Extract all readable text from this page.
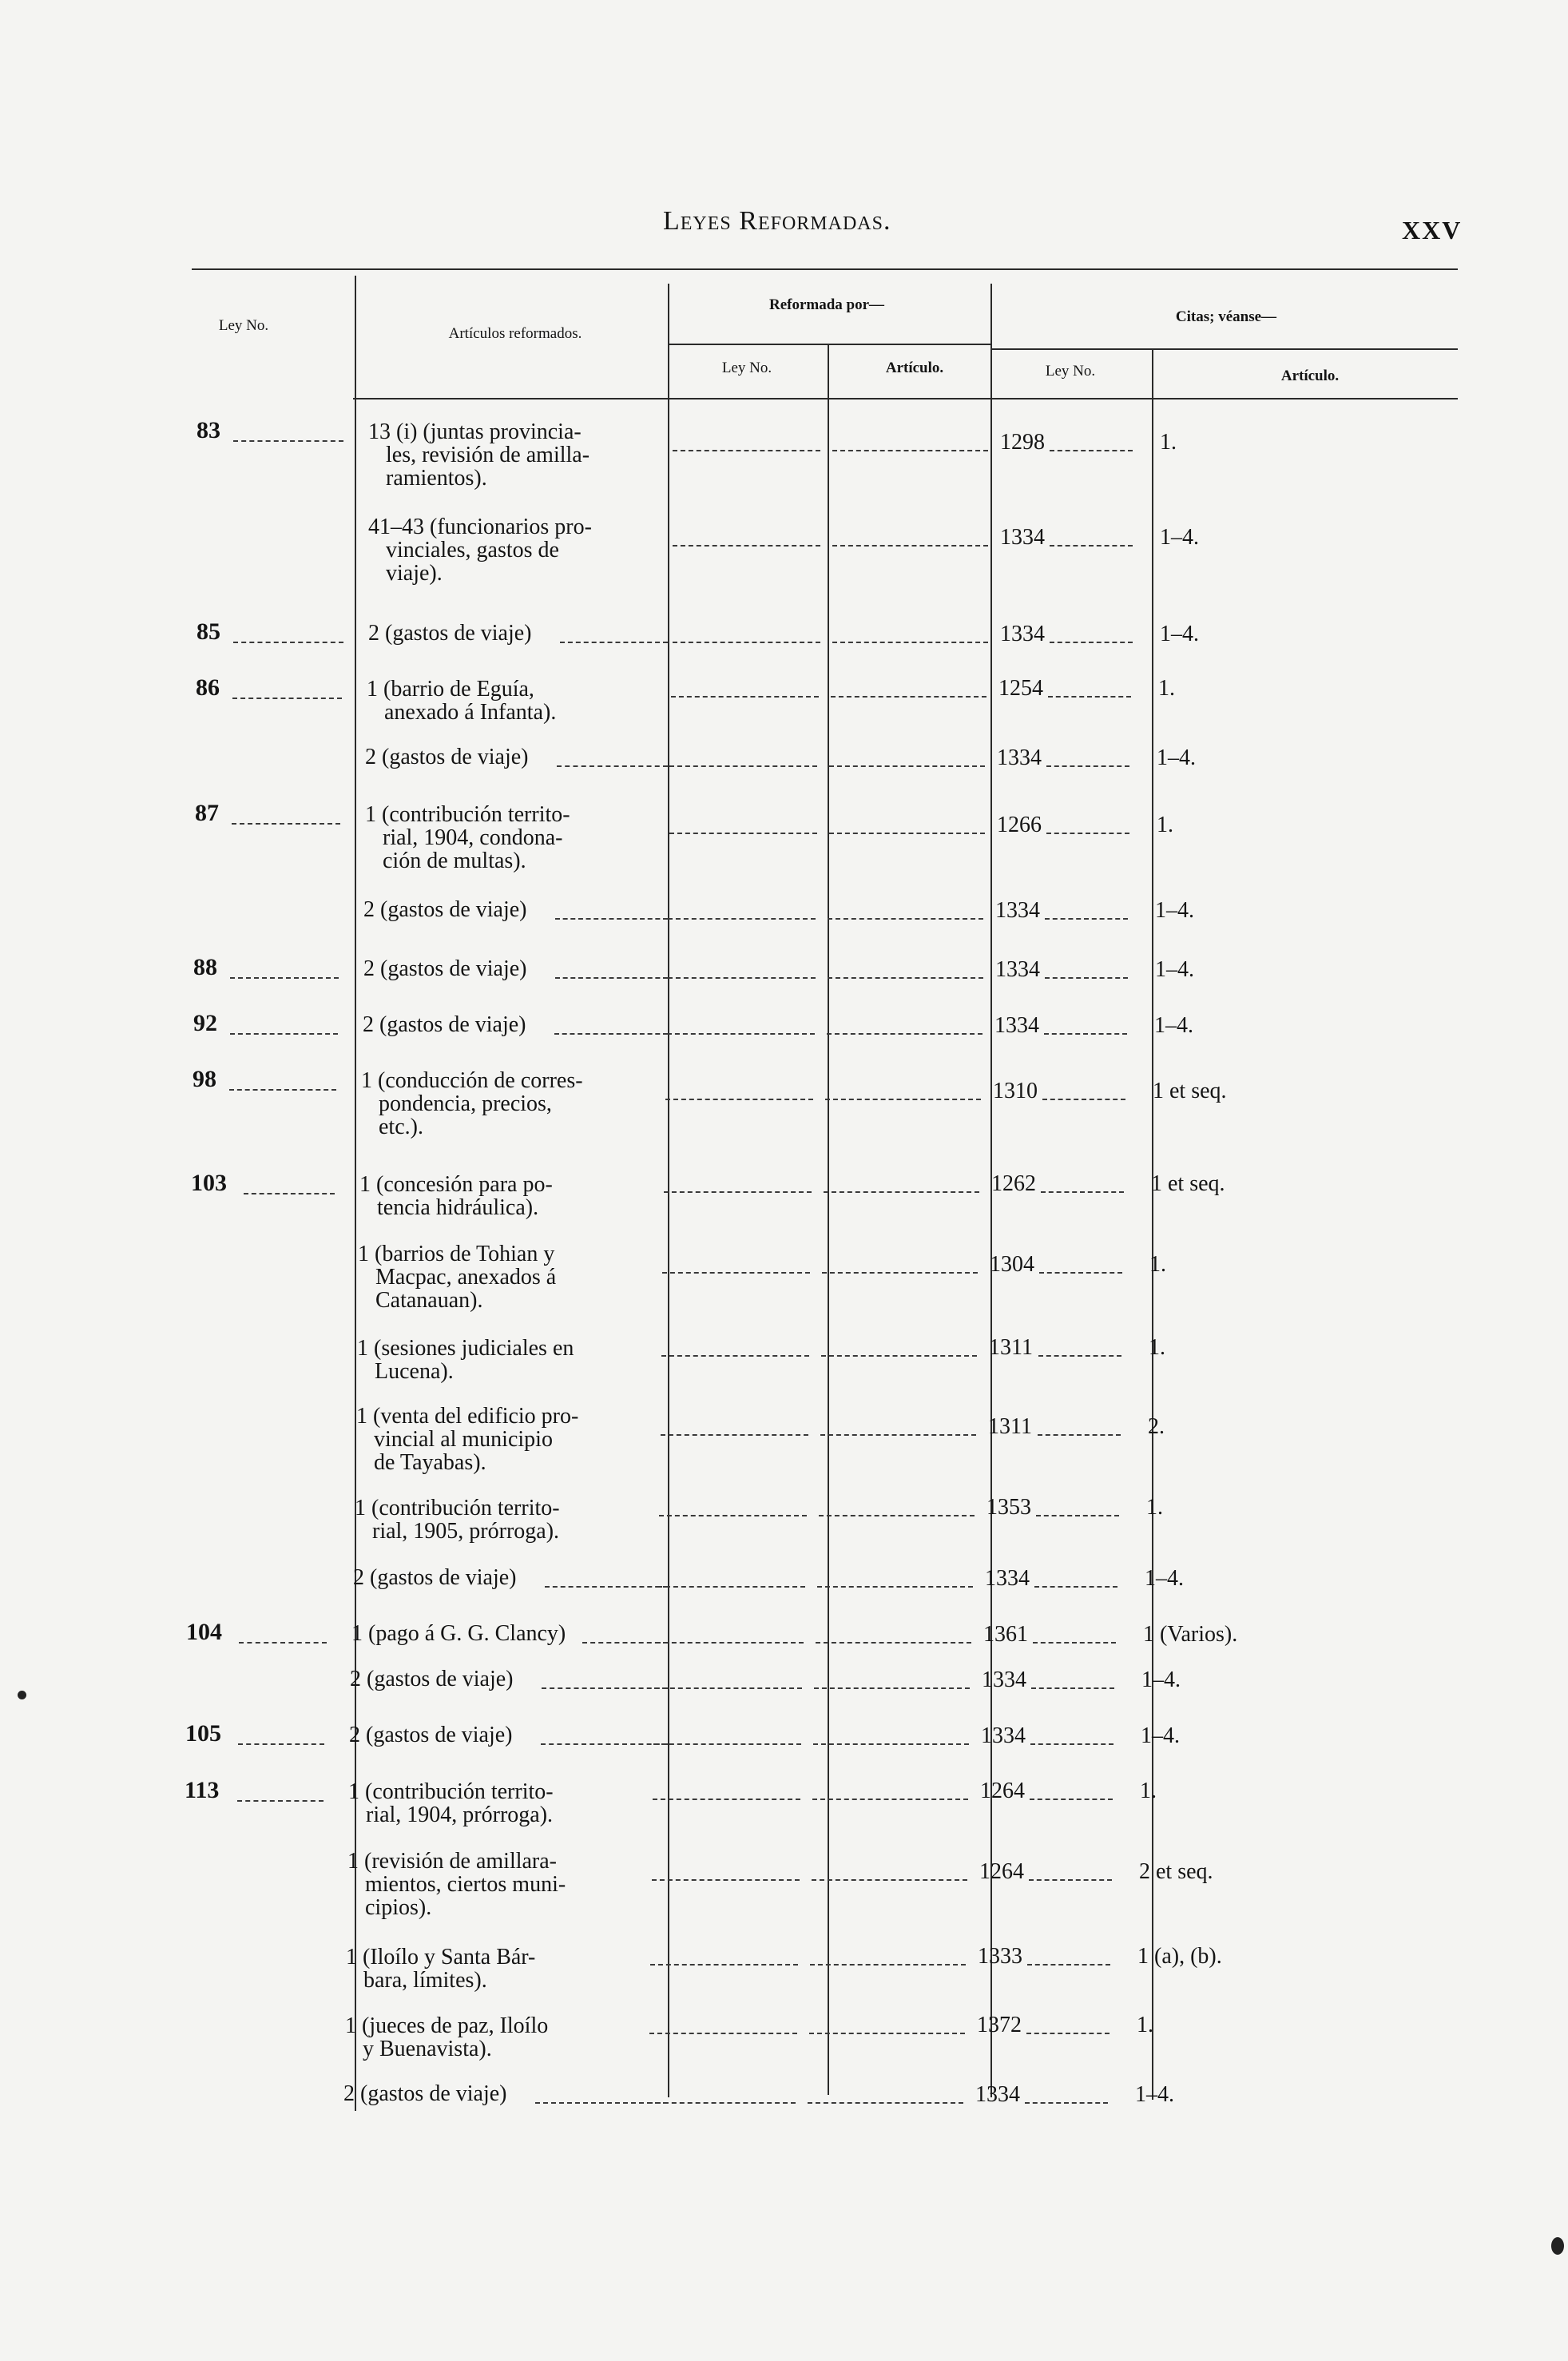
Leyes Reformadas.	XXV
Ley No.	Artículos reformados.
Reformada por—
Ley No.	Artículo.
Citas; véanse—
Ley No.	Artículo.
83	13 (i) (juntas provincia-
les, revisión de amilla-
ramientos).
1298	1.
41–43 (funcionarios pro-
vinciales, gastos de
viaje).
1334	1–4.
85	2 (gastos de viaje)	1334	1–4.
86	1 (barrio de Eguía,
anexado á Infanta).
1254	1.
2 (gastos de viaje)	1334	1–4.
87	1 (contribución territo-
rial, 1904, condona-
ción de multas).
1266	1.
2 (gastos de viaje)	1334	1–4.
88	2 (gastos de viaje)	1334	1–4.
92	2 (gastos de viaje)	1334	1–4.
98	1 (conducción de corres-
pondencia, precios,
etc.).
1310	1 et seq.
103	1 (concesión para po-
tencia hidráulica).
1262	1 et seq.
1 (barrios de Tohian y
Macpac, anexados á
Catanauan).
1304	1.
1 (sesiones judiciales en
Lucena).
1311	1.
1 (venta del edificio pro-
vincial al municipio
de Tayabas).
1311	2.
1 (contribución territo-
rial, 1905, prórroga).
1353	1.
2 (gastos de viaje)	1334	1–4.
104	1 (pago á G. G. Clancy)	1361	1 (Varios).
2 (gastos de viaje)	1334	1–4.
105	2 (gastos de viaje)	1334	1–4.
113	1 (contribución territo-
rial, 1904, prórroga).
1264	1.
1 (revisión de amillara-
mientos, ciertos muni-
cipios).
1264	2 et seq.
1 (Iloílo y Santa Bár-
bara, límites).
1333	1 (a), (b).
1 (jueces de paz, Iloílo
y Buenavista).
1372	1.
2 (gastos de viaje)	1334	1–4.
